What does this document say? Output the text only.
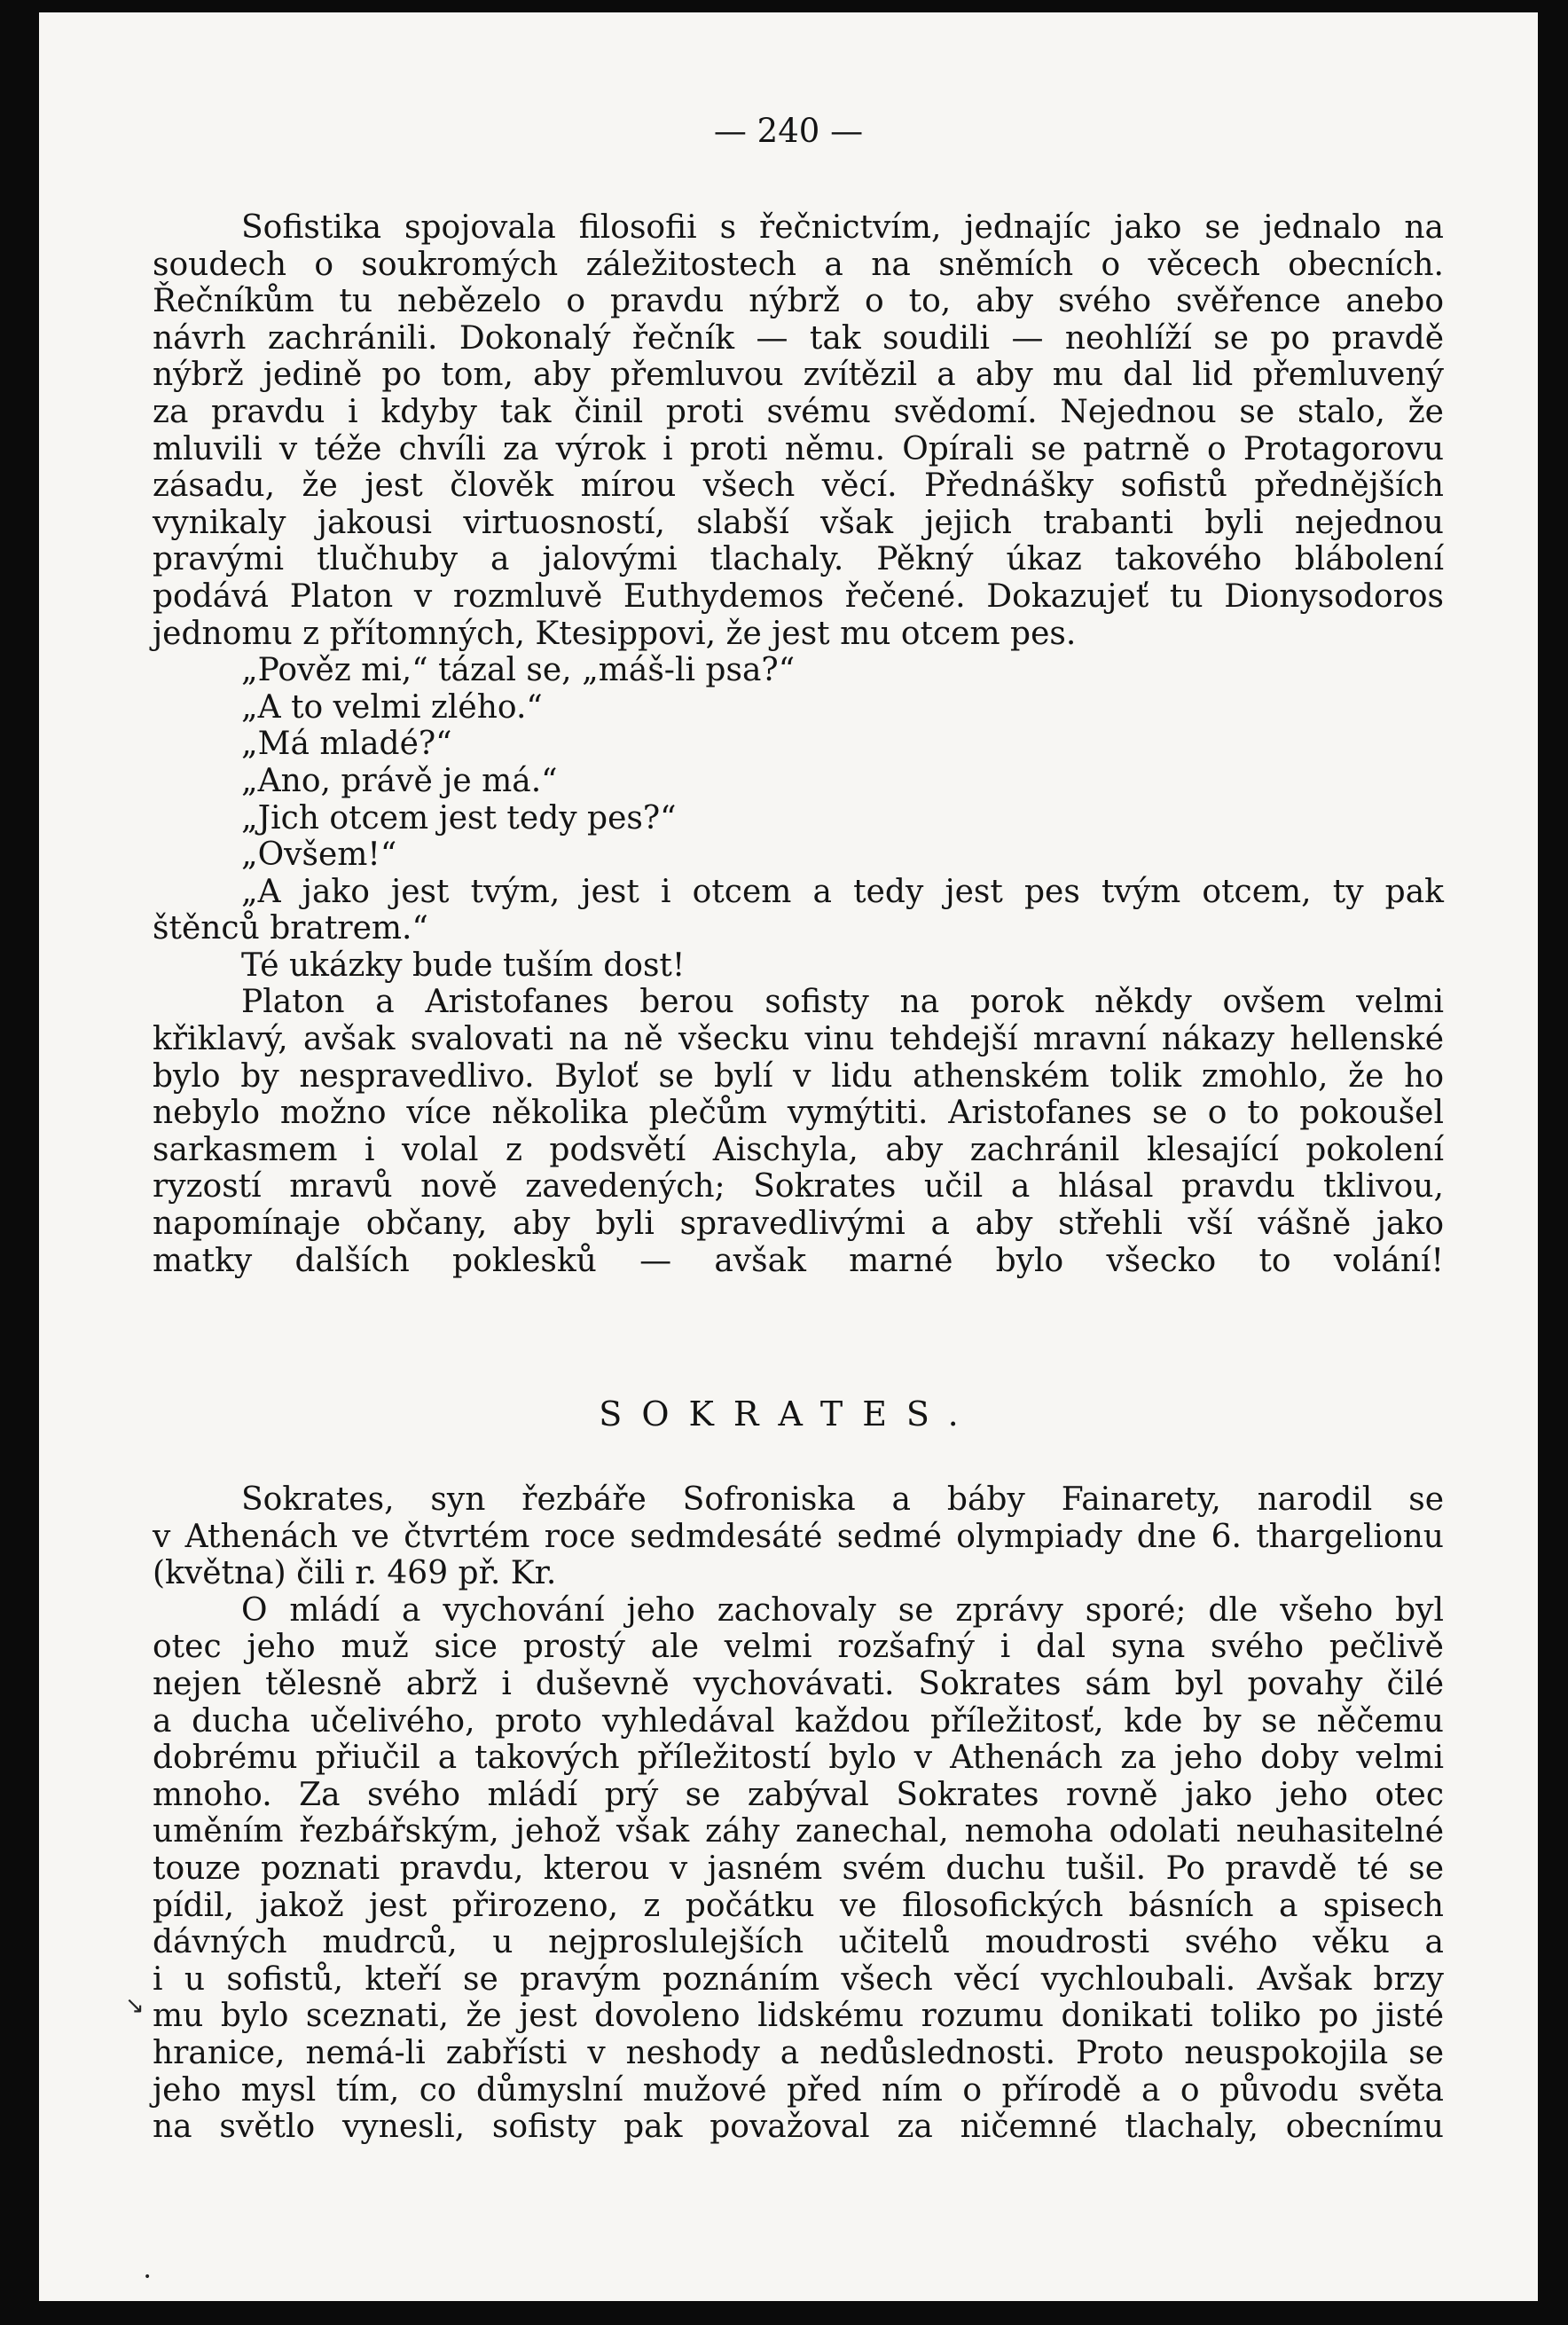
— 240 —
Sofistika spojovala filosofii s řečnictvím, jednajíc jako se jednalo na
soudech o soukromých záležitostech a na sněmích o věcech obecních.
Řečníkům tu nebězelo o pravdu nýbrž o to, aby svého svěřence anebo
návrh zachránili. Dokonalý řečník — tak soudili — neohlíží se po pravdě
nýbrž jedině po tom, aby přemluvou zvítězil a aby mu dal lid přemluvený
za pravdu i kdyby tak činil proti svému svědomí. Nejednou se stalo, že
mluvili v téže chvíli za výrok i proti němu. Opírali se patrně o Protagorovu
zásadu, že jest člověk mírou všech věcí. Přednášky sofistů přednějších
vynikaly jakousi virtuosností, slabší však jejich trabanti byli nejednou
pravými tlučhuby a jalovými tlachaly. Pěkný úkaz takového blábolení
podává Platon v rozmluvě Euthydemos řečené. Dokazujeť tu Dionysodoros
jednomu z přítomných, Ktesippovi, že jest mu otcem pes.
„Pověz mi,“ tázal se, „máš-li psa?“
„A to velmi zlého.“
„Má mladé?“
„Ano, právě je má.“
„Jich otcem jest tedy pes?“
„Ovšem!“
„A jako jest tvým, jest i otcem a tedy jest pes tvým otcem, ty pak
štěnců bratrem.“
Té ukázky bude tuším dost!
Platon a Aristofanes berou sofisty na porok někdy ovšem velmi
křiklavý, avšak svalovati na ně všecku vinu tehdejší mravní nákazy hellenské
bylo by nespravedlivo. Byloť se bylí v lidu athenském tolik zmohlo, že ho
nebylo možno více několika plečům vymýtiti. Aristofanes se o to pokoušel
sarkasmem i volal z podsvětí Aischyla, aby zachránil klesající pokolení
ryzostí mravů nově zavedených; Sokrates učil a hlásal pravdu tklivou,
napomínaje občany, aby byli spravedlivými a aby střehli vší vášně jako
matky dalších poklesků — avšak marné bylo všecko to volání!
SOKRATES.
Sokrates, syn řezbáře Sofroniska a báby Fainarety, narodil se
v Athenách ve čtvrtém roce sedmdesáté sedmé olympiady dne 6. thargelionu
(května) čili r. 469 př. Kr.
O mládí a vychování jeho zachovaly se zprávy sporé; dle všeho byl
otec jeho muž sice prostý ale velmi rozšafný i dal syna svého pečlivě
nejen tělesně abrž i duševně vychovávati. Sokrates sám byl povahy čilé
a ducha učelivého, proto vyhledával každou příležitosť, kde by se něčemu
dobrému přiučil a takových příležitostí bylo v Athenách za jeho doby velmi
mnoho. Za svého mládí prý se zabýval Sokrates rovně jako jeho otec
uměním řezbářským, jehož však záhy zanechal, nemoha odolati neuhasitelné
touze poznati pravdu, kterou v jasném svém duchu tušil. Po pravdě té se
pídil, jakož jest přirozeno, z počátku ve filosofických básních a spisech
dávných mudrců, u nejproslulejších učitelů moudrosti svého věku a
i u sofistů, kteří se pravým poznáním všech věcí vychloubali. Avšak brzy
mu bylo sceznati, že jest dovoleno lidskému rozumu donikati toliko po jisté
hranice, nemá-li zabřísti v neshody a nedůslednosti. Proto neuspokojila se
jeho mysl tím, co důmyslní mužové před ním o přírodě a o původu světa
na světlo vynesli, sofisty pak považoval za ničemné tlachaly, obecnímu
↘
•
